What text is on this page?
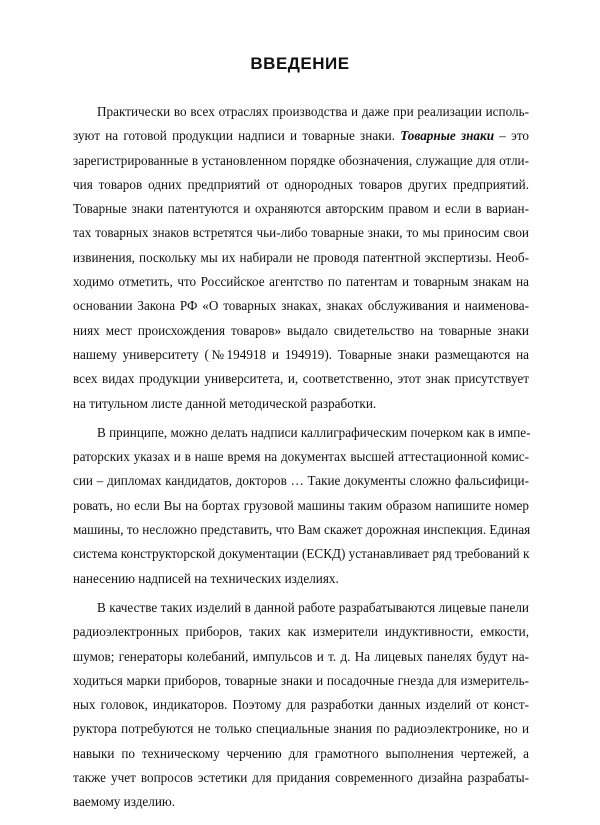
ВВЕДЕНИЕ
Практически во всех отраслях производства и даже при реализации исполь-
зуют на готовой продукции надписи и товарные знаки. Товарные знаки – это
зарегистрированные в установленном порядке обозначения, служащие для отли-
чия товаров одних предприятий от однородных товаров других предприятий.
Товарные знаки патентуются и охраняются авторским правом и если в вариан-
тах товарных знаков встретятся чьи-либо товарные знаки, то мы приносим свои
извинения, поскольку мы их набирали не проводя патентной экспертизы. Необ-
ходимо отметить, что Российское агентство по патентам и товарным знакам на
основании Закона РФ «О товарных знаках, знаках обслуживания и наименова-
ниях мест происхождения товаров» выдало свидетельство на товарные знаки
нашему университету (№194918 и 194919). Товарные знаки размещаются на
всех видах продукции университета, и, соответственно, этот знак присутствует
на титульном листе данной методической разработки.
В принципе, можно делать надписи каллиграфическим почерком как в импе-
раторских указах и в наше время на документах высшей аттестационной комис-
сии – дипломах кандидатов, докторов … Такие документы сложно фальсифици-
ровать, но если Вы на бортах грузовой машины таким образом напишите номер
машины, то несложно представить, что Вам скажет дорожная инспекция. Единая
система конструкторской документации (ЕСКД) устанавливает ряд требований к
нанесению надписей на технических изделиях.
В качестве таких изделий в данной работе разрабатываются лицевые панели
радиоэлектронных приборов, таких как измерители индуктивности, емкости,
шумов; генераторы колебаний, импульсов и т. д. На лицевых панелях будут на-
ходиться марки приборов, товарные знаки и посадочные гнезда для измеритель-
ных головок, индикаторов. Поэтому для разработки данных изделий от конст-
руктора потребуются не только специальные знания по радиоэлектронике, но и
навыки по техническому черчению для грамотного выполнения чертежей, а
также учет вопросов эстетики для придания современного дизайна разрабаты-
ваемому изделию.
